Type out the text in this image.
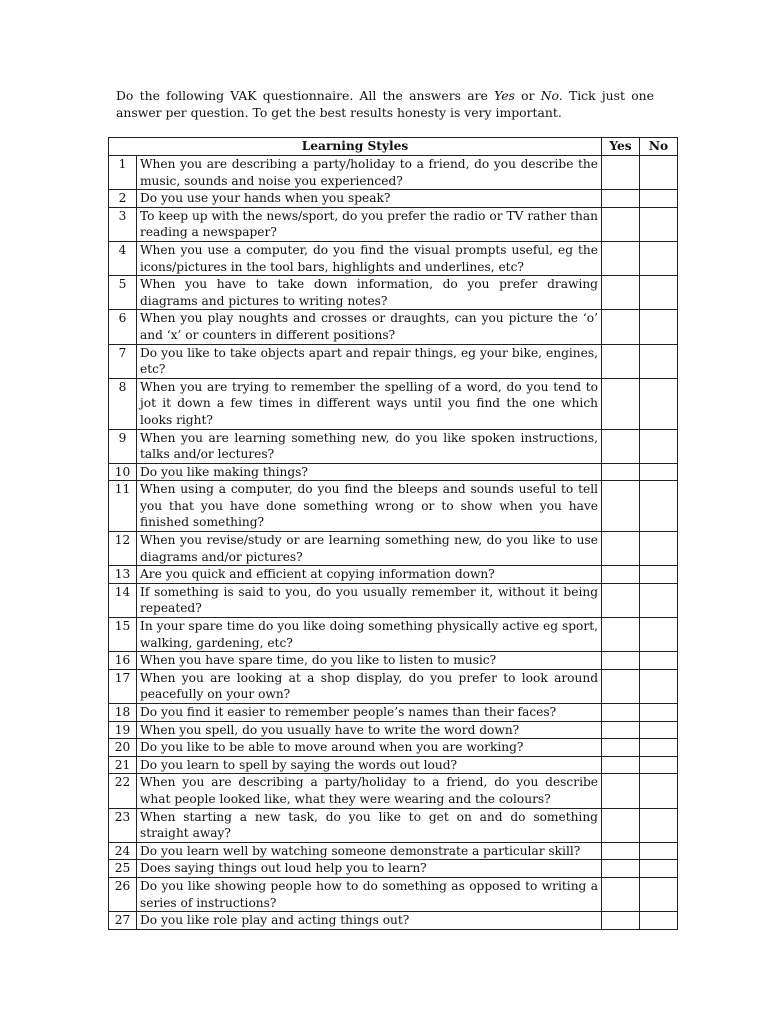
Do the following VAK questionnaire. All the answers are Yes or No. Tick just one answer per question. To get the best results honesty is very important.

Learning Styles		Yes	No
1	When you are describing a party/holiday to a friend, do you describe the music, sounds and noise you experienced?		
2	Do you use your hands when you speak?		
3	To keep up with the news/sport, do you prefer the radio or TV rather than reading a newspaper?		
4	When you use a computer, do you find the visual prompts useful, eg the icons/pictures in the tool bars, highlights and underlines, etc?		
5	When you have to take down information, do you prefer drawing diagrams and pictures to writing notes?		
6	When you play noughts and crosses or draughts, can you picture the ‘o’ and ‘x’ or counters in different positions?		
7	Do you like to take objects apart and repair things, eg your bike, engines, etc?		
8	When you are trying to remember the spelling of a word, do you tend to jot it down a few times in different ways until you find the one which looks right?		
9	When you are learning something new, do you like spoken instructions, talks and/or lectures?		
10	Do you like making things?		
11	When using a computer, do you find the bleeps and sounds useful to tell you that you have done something wrong or to show when you have finished something?		
12	When you revise/study or are learning something new, do you like to use diagrams and/or pictures?		
13	Are you quick and efficient at copying information down?		
14	If something is said to you, do you usually remember it, without it being repeated?		
15	In your spare time do you like doing something physically active eg sport, walking, gardening, etc?		
16	When you have spare time, do you like to listen to music?		
17	When you are looking at a shop display, do you prefer to look around peacefully on your own?		
18	Do you find it easier to remember people’s names than their faces?		
19	When you spell, do you usually have to write the word down?		
20	Do you like to be able to move around when you are working?		
21	Do you learn to spell by saying the words out loud?		
22	When you are describing a party/holiday to a friend, do you describe what people looked like, what they were wearing and the colours?		
23	When starting a new task, do you like to get on and do something straight away?		
24	Do you learn well by watching someone demonstrate a particular skill?		
25	Does saying things out loud help you to learn?		
26	Do you like showing people how to do something as opposed to writing a series of instructions?		
27	Do you like role play and acting things out?		
